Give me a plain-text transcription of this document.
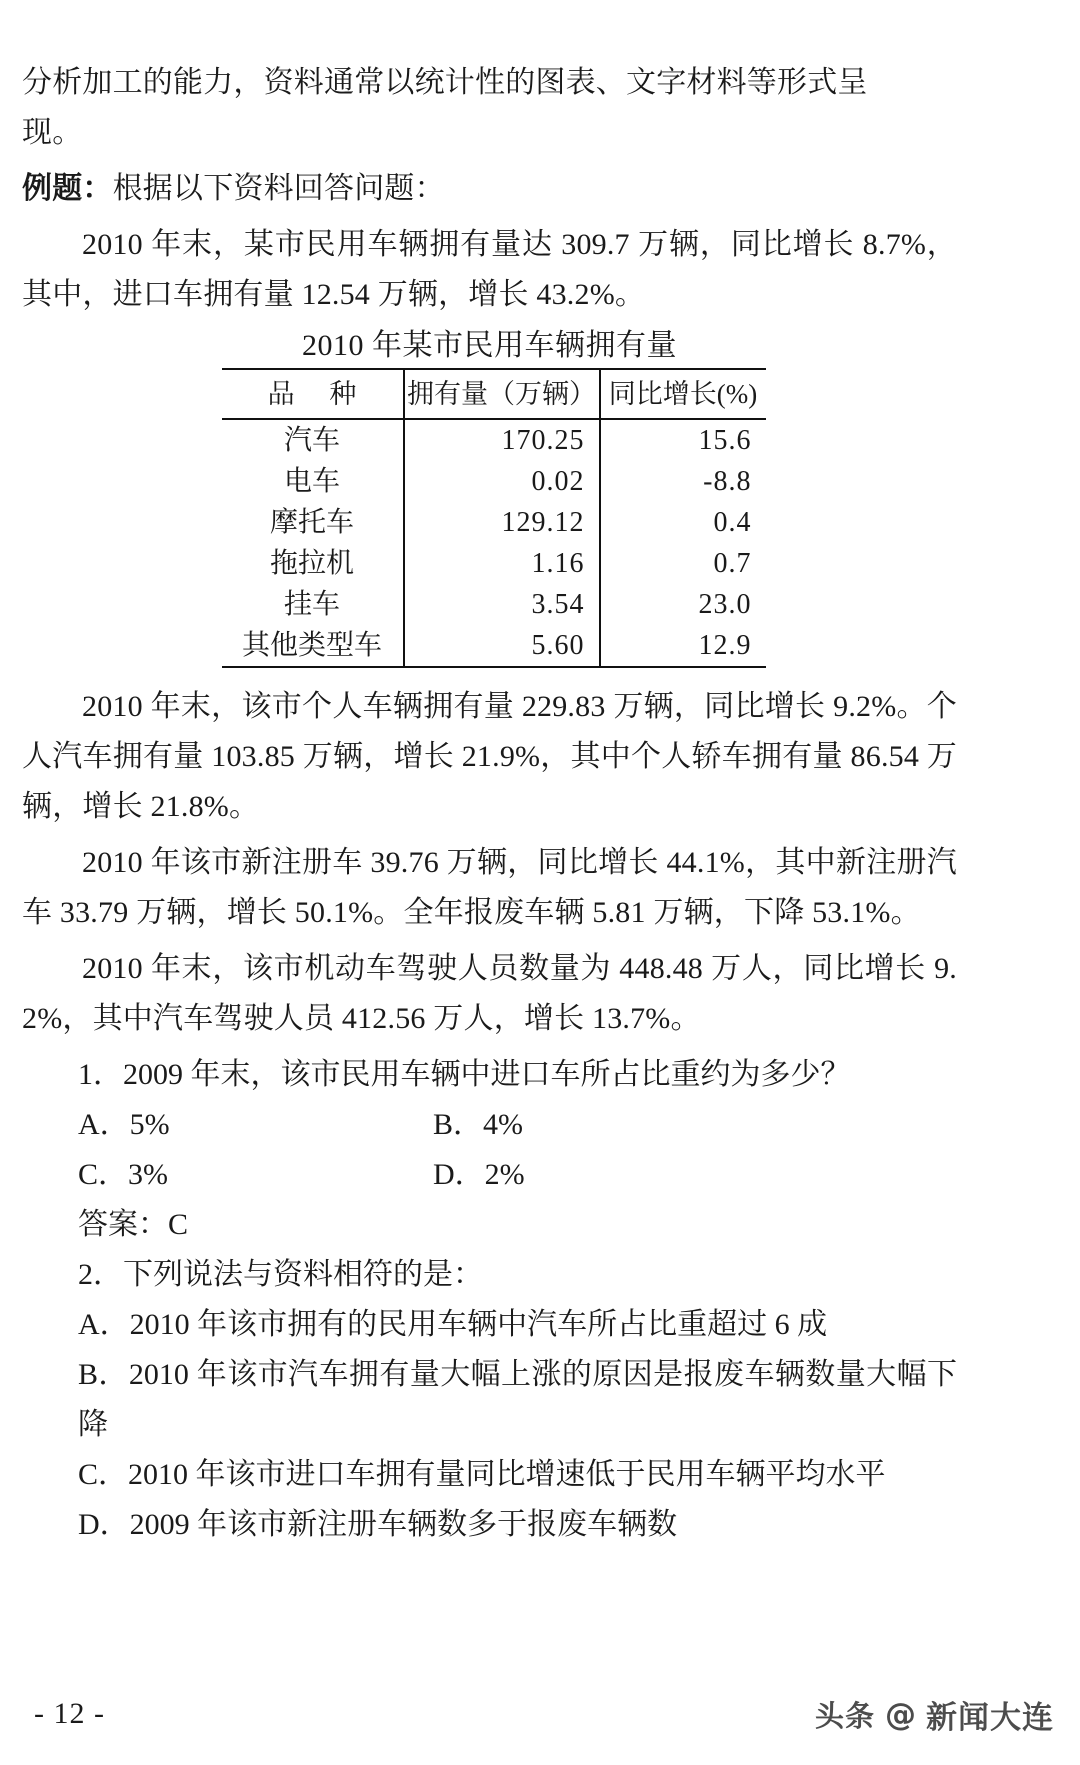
分析加工的能力，资料通常以统计性的图表、文字材料等形式呈
现。
例题：根据以下资料回答问题：
2010 年末，某市民用车辆拥有量达 309.7 万辆，同比增长 8.7%，其中，进口车拥有量 12.54 万辆，增长 43.2%。
2010 年某市民用车辆拥有量
品 种	拥有量（万辆）	同比增长(%)
汽车	170.25	15.6
电车	0.02	-8.8
摩托车	129.12	0.4
拖拉机	1.16	0.7
挂车	3.54	23.0
其他类型车	5.60	12.9
2010 年末，该市个人车辆拥有量 229.83 万辆，同比增长 9.2%。个人汽车拥有量 103.85 万辆，增长 21.9%，其中个人轿车拥有量 86.54 万辆，增长 21.8%。
2010 年该市新注册车 39.76 万辆，同比增长 44.1%，其中新注册汽车 33.79 万辆，增长 50.1%。全年报废车辆 5.81 万辆，下降 53.1%。
2010 年末，该市机动车驾驶人员数量为 448.48 万人，同比增长 9.2%，其中汽车驾驶人员 412.56 万人，增长 13.7%。
1．2009 年末，该市民用车辆中进口车所占比重约为多少？
A．5%	B．4%
C．3%	D．2%
答案：C
2．下列说法与资料相符的是：
A．2010 年该市拥有的民用车辆中汽车所占比重超过 6 成
B．2010 年该市汽车拥有量大幅上涨的原因是报废车辆数量大幅下降
C．2010 年该市进口车拥有量同比增速低于民用车辆平均水平
D．2009 年该市新注册车辆数多于报废车辆数
- 12 -	头条 @ 新闻大连
